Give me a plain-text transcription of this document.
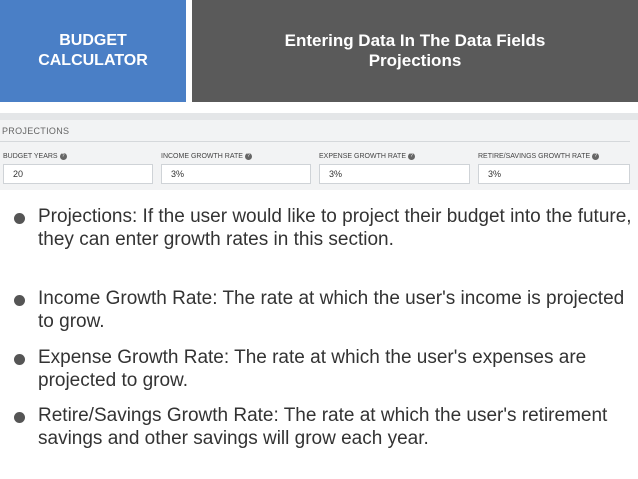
BUDGET
CALCULATOR
Entering Data In The Data Fields
Projections
PROJECTIONS
BUDGET YEARS ?
20
INCOME GROWTH RATE ?
3%
EXPENSE GROWTH RATE ?
3%
RETIRE/SAVINGS GROWTH RATE ?
3%
Projections: If the user would like to project their budget into the future, they can enter growth rates in this section.
Income Growth Rate: The rate at which the user's income is projected to grow.
Expense Growth Rate: The rate at which the user's expenses are projected to grow.
Retire/Savings Growth Rate: The rate at which the user's retirement savings and other savings will grow each year.
